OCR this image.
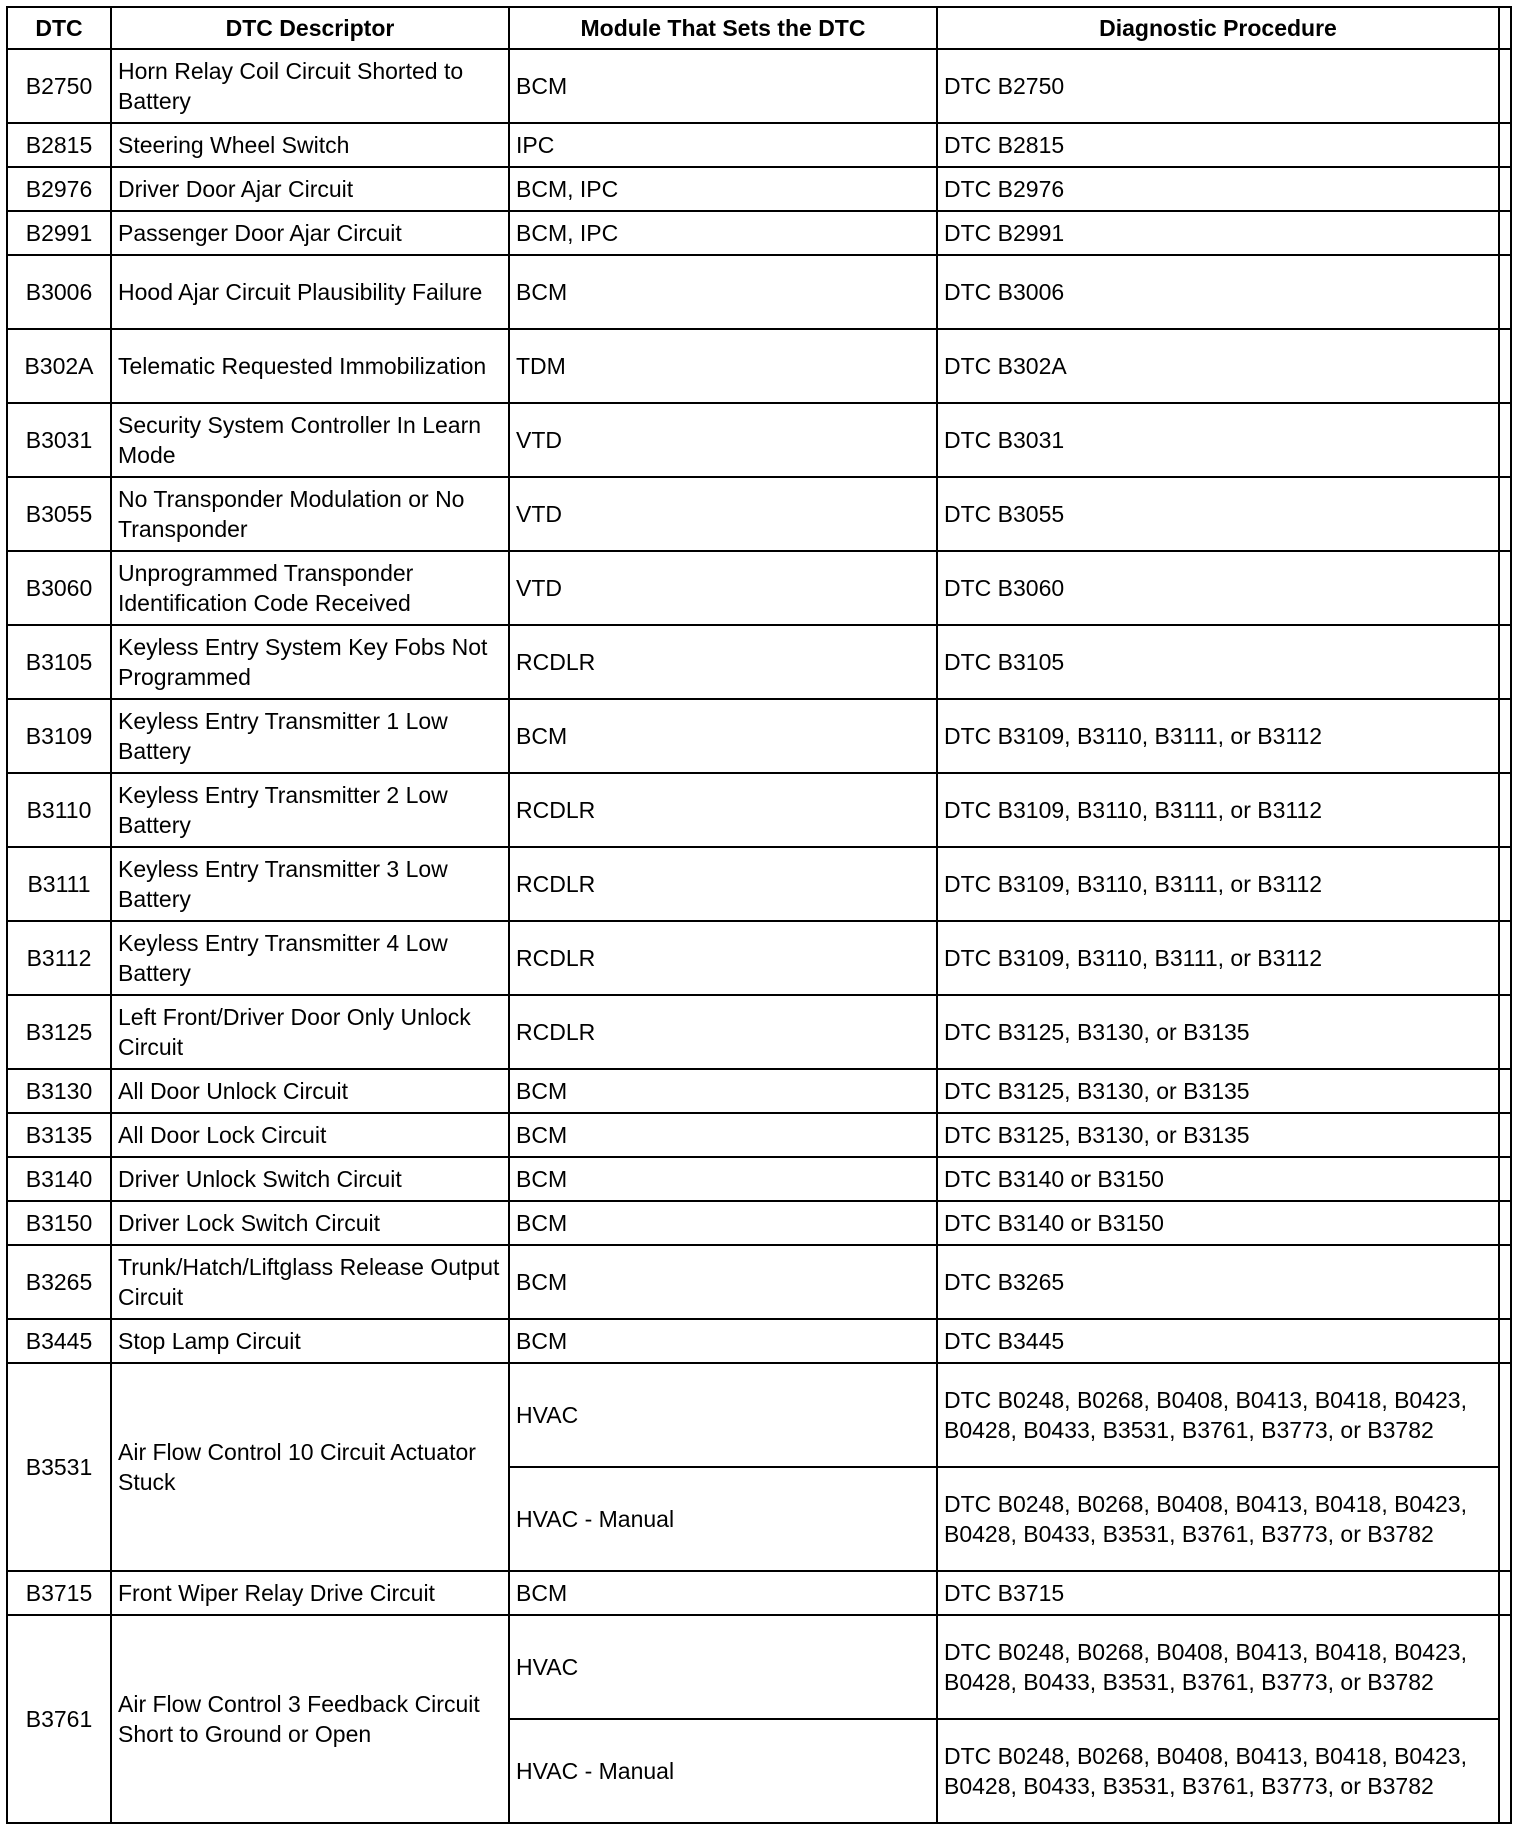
DTC	DTC Descriptor	Module That Sets the DTC	Diagnostic Procedure	
B2750	Horn Relay Coil Circuit Shorted to Battery	BCM	DTC B2750	
B2815	Steering Wheel Switch	IPC	DTC B2815	
B2976	Driver Door Ajar Circuit	BCM, IPC	DTC B2976	
B2991	Passenger Door Ajar Circuit	BCM, IPC	DTC B2991	
B3006	Hood Ajar Circuit Plausibility Failure	BCM	DTC B3006	
B302A	Telematic Requested Immobilization	TDM	DTC B302A	
B3031	Security System Controller In Learn Mode	VTD	DTC B3031	
B3055	No Transponder Modulation or No Transponder	VTD	DTC B3055	
B3060	Unprogrammed Transponder Identification Code Received	VTD	DTC B3060	
B3105	Keyless Entry System Key Fobs Not Programmed	RCDLR	DTC B3105	
B3109	Keyless Entry Transmitter 1 Low Battery	BCM	DTC B3109, B3110, B3111, or B3112	
B3110	Keyless Entry Transmitter 2 Low Battery	RCDLR	DTC B3109, B3110, B3111, or B3112	
B3111	Keyless Entry Transmitter 3 Low Battery	RCDLR	DTC B3109, B3110, B3111, or B3112	
B3112	Keyless Entry Transmitter 4 Low Battery	RCDLR	DTC B3109, B3110, B3111, or B3112	
B3125	Left Front/Driver Door Only Unlock Circuit	RCDLR	DTC B3125, B3130, or B3135	
B3130	All Door Unlock Circuit	BCM	DTC B3125, B3130, or B3135	
B3135	All Door Lock Circuit	BCM	DTC B3125, B3130, or B3135	
B3140	Driver Unlock Switch Circuit	BCM	DTC B3140 or B3150	
B3150	Driver Lock Switch Circuit	BCM	DTC B3140 or B3150	
B3265	Trunk/Hatch/Liftglass Release Output Circuit	BCM	DTC B3265	
B3445	Stop Lamp Circuit	BCM	DTC B3445	
B3531	Air Flow Control 10 Circuit Actuator Stuck	HVAC	DTC B0248, B0268, B0408, B0413, B0418, B0423, B0428, B0433, B3531, B3761, B3773, or B3782	
		HVAC - Manual	DTC B0248, B0268, B0408, B0413, B0418, B0423, B0428, B0433, B3531, B3761, B3773, or B3782	
B3715	Front Wiper Relay Drive Circuit	BCM	DTC B3715	
B3761	Air Flow Control 3 Feedback Circuit Short to Ground or Open	HVAC	DTC B0248, B0268, B0408, B0413, B0418, B0423, B0428, B0433, B3531, B3761, B3773, or B3782	
		HVAC - Manual	DTC B0248, B0268, B0408, B0413, B0418, B0423, B0428, B0433, B3531, B3761, B3773, or B3782	
